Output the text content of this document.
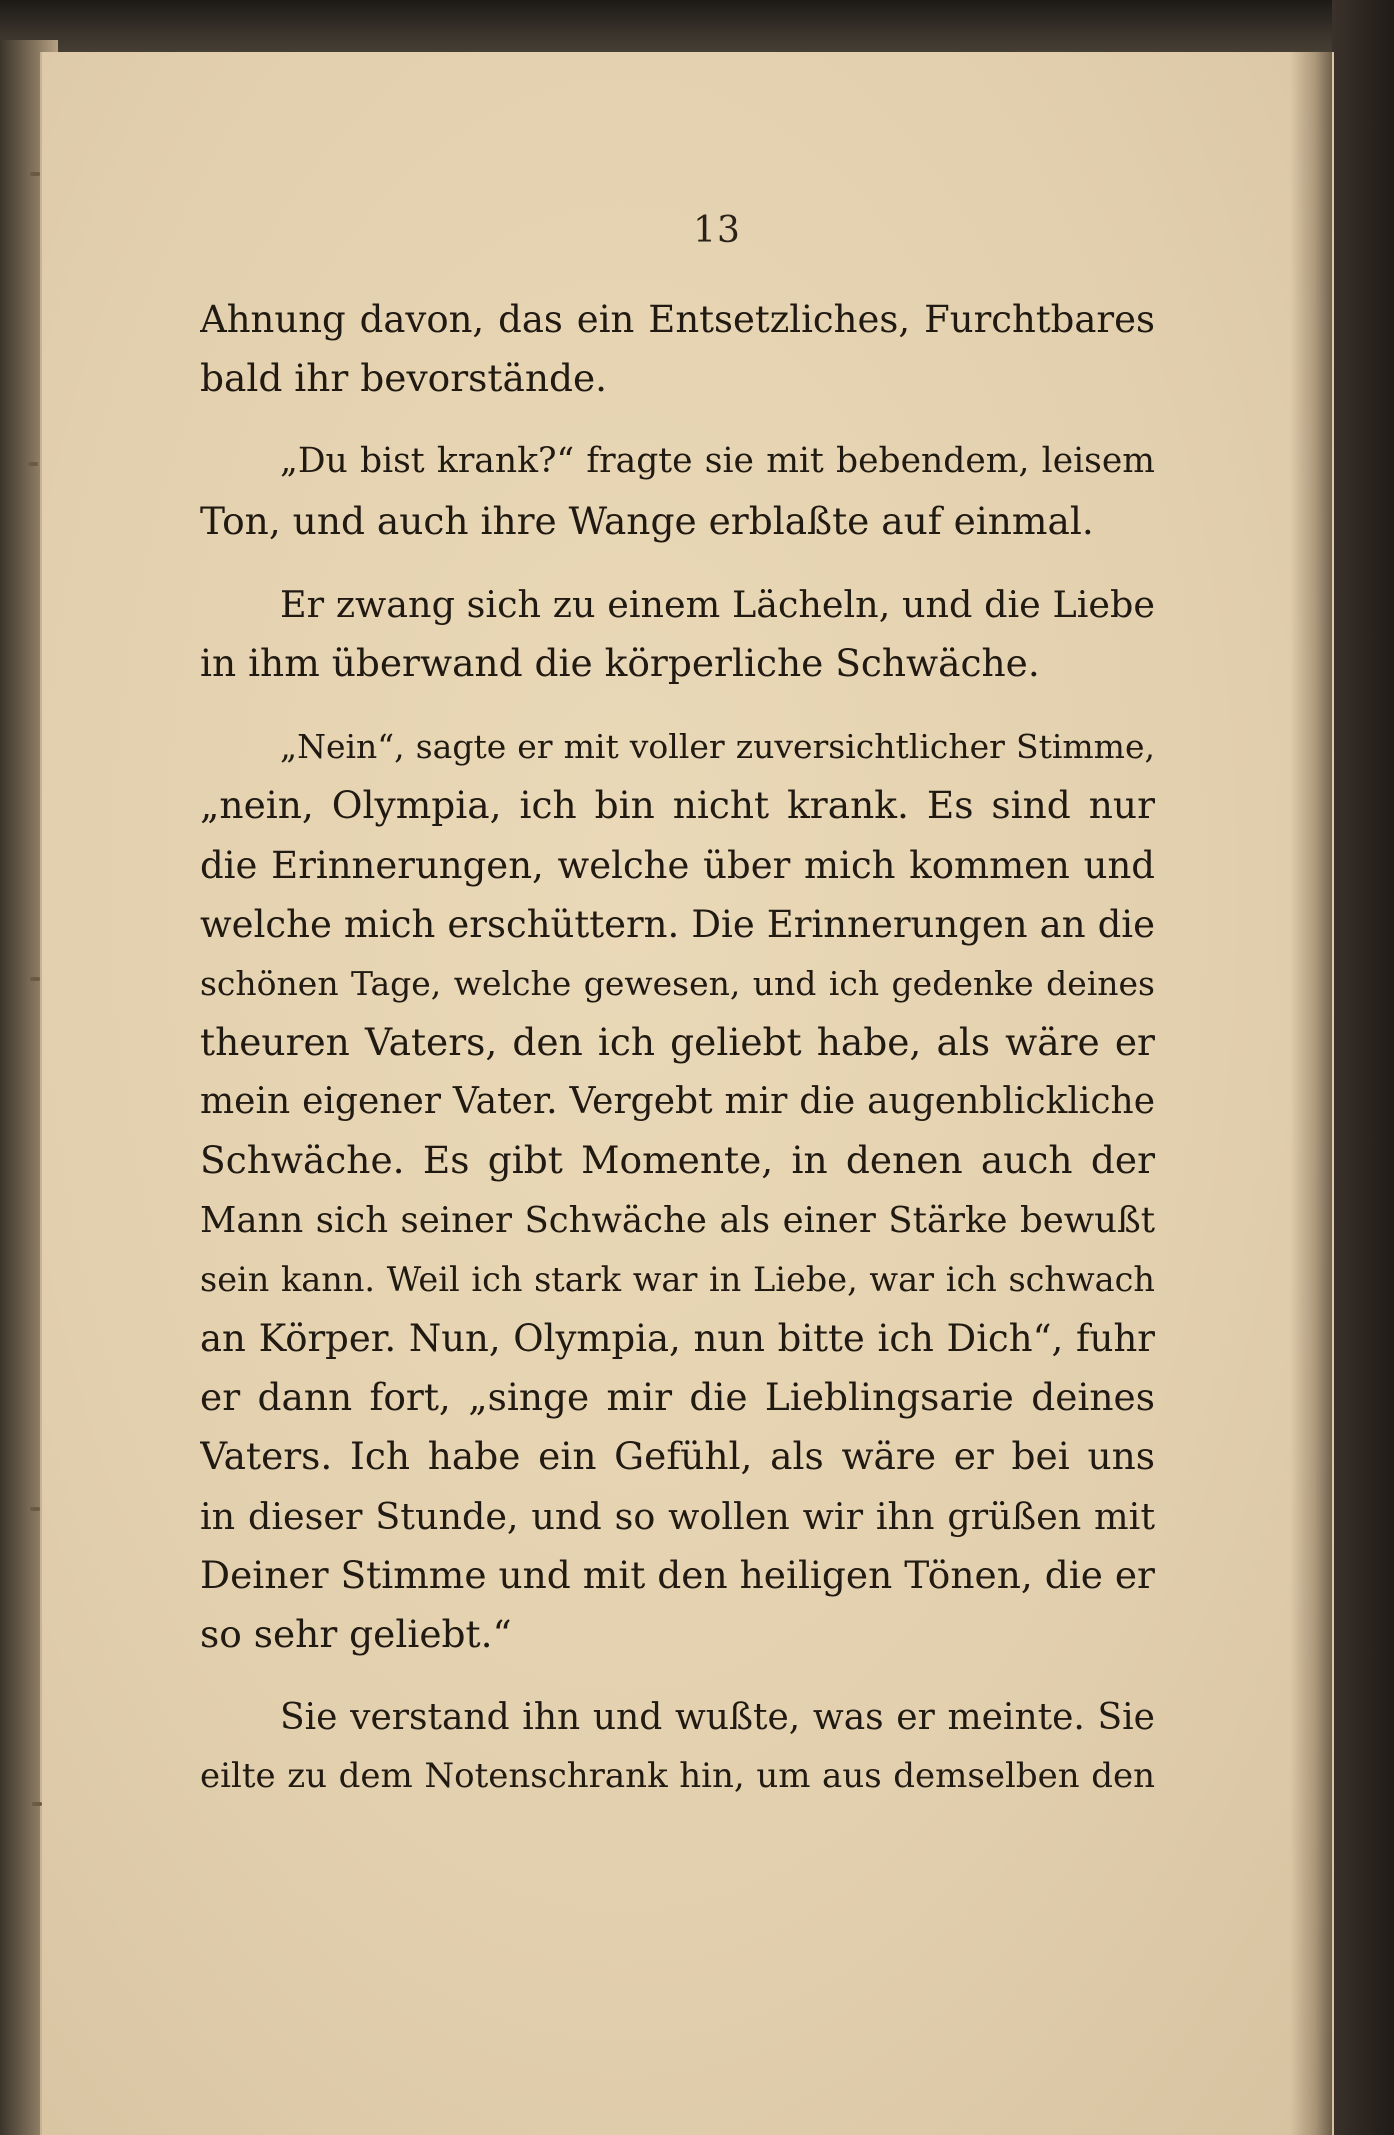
13
Ahnung davon, das ein Entsetzliches, Furchtbares
bald ihr bevorstände.
„Du bist krank?“ fragte sie mit bebendem, leisem
Ton, und auch ihre Wange erblaßte auf einmal.
Er zwang sich zu einem Lächeln, und die Liebe
in ihm überwand die körperliche Schwäche.
„Nein“, sagte er mit voller zuversichtlicher Stimme,
„nein, Olympia, ich bin nicht krank. Es sind nur
die Erinnerungen, welche über mich kommen und
welche mich erschüttern. Die Erinnerungen an die
schönen Tage, welche gewesen, und ich gedenke deines
theuren Vaters, den ich geliebt habe, als wäre er
mein eigener Vater. Vergebt mir die augenblickliche
Schwäche. Es gibt Momente, in denen auch der
Mann sich seiner Schwäche als einer Stärke bewußt
sein kann. Weil ich stark war in Liebe, war ich schwach
an Körper. Nun, Olympia, nun bitte ich Dich“, fuhr
er dann fort, „singe mir die Lieblingsarie deines
Vaters. Ich habe ein Gefühl, als wäre er bei uns
in dieser Stunde, und so wollen wir ihn grüßen mit
Deiner Stimme und mit den heiligen Tönen, die er
so sehr geliebt.“
Sie verstand ihn und wußte, was er meinte. Sie
eilte zu dem Notenschrank hin, um aus demselben den
